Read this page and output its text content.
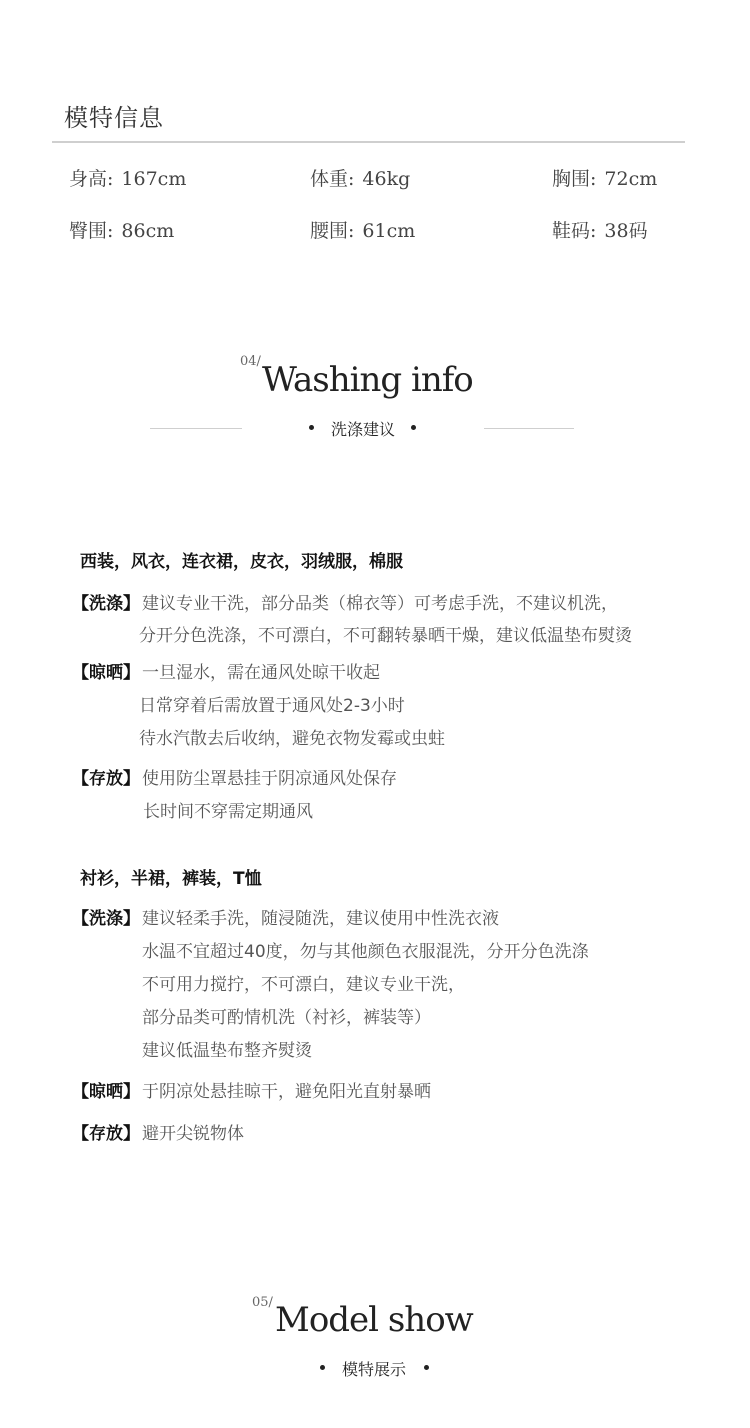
模特信息
身高: 167cm	体重: 46kg	胸围: 72cm
臀围: 86cm	腰围: 61cm	鞋码: 38码
04/ Washing info
洗涤建议
西装，风衣，连衣裙，皮衣，羽绒服，棉服
【洗涤】 建议专业干洗，部分品类（棉衣等）可考虑手洗，不建议机洗，
分开分色洗涤，不可漂白，不可翻转暴晒干燥，建议低温垫布熨烫
【晾晒】 一旦湿水，需在通风处晾干收起
日常穿着后需放置于通风处2-3小时
待水汽散去后收纳，避免衣物发霉或虫蛀
【存放】 使用防尘罩悬挂于阴凉通风处保存
长时间不穿需定期通风
衬衫，半裙，裤装，T恤
【洗涤】 建议轻柔手洗，随浸随洗，建议使用中性洗衣液
水温不宜超过40度，勿与其他颜色衣服混洗，分开分色洗涤
不可用力搅拧，不可漂白，建议专业干洗，
部分品类可酌情机洗（衬衫，裤装等）
建议低温垫布整齐熨烫
【晾晒】 于阴凉处悬挂晾干，避免阳光直射暴晒
【存放】 避开尖锐物体
05/ Model show
模特展示
